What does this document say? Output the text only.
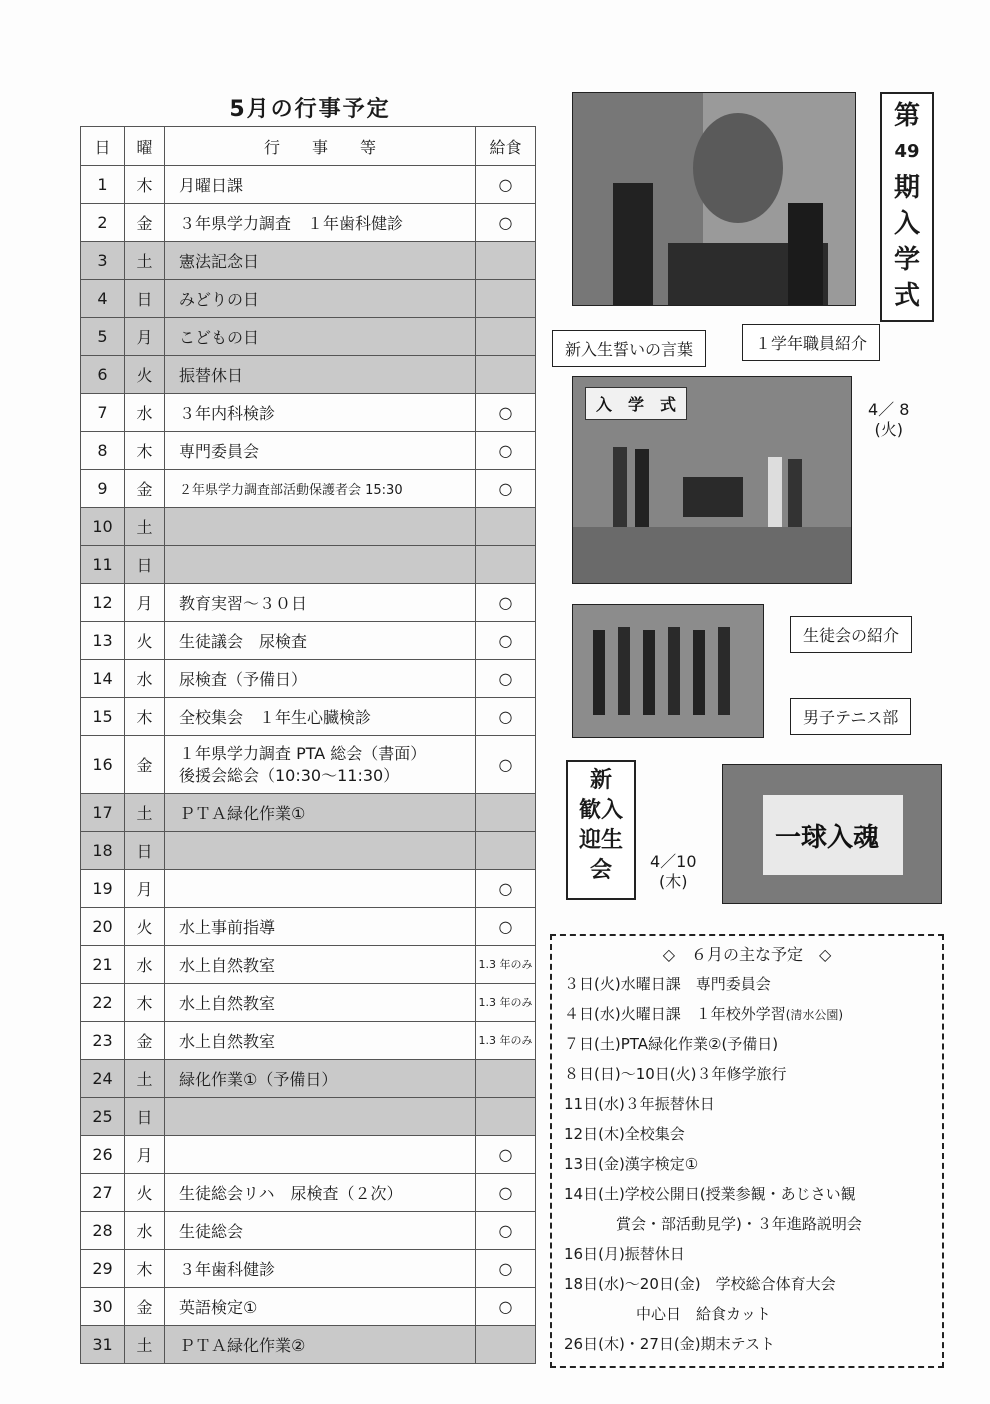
5月の行事予定
日	曜	行　　事　　等	給食
1	木	月曜日課	○
2	金	３年県学力調査　１年歯科健診	○
3	土	憲法記念日	
4	日	みどりの日	
5	月	こどもの日	
6	火	振替休日	
7	水	３年内科検診	○
8	木	専門委員会	○
9	金	２年県学力調査部活動保護者会 15:30	○
10	土		
11	日		
12	月	教育実習～３０日	○
13	火	生徒議会　尿検査	○
14	水	尿検査（予備日）	○
15	木	全校集会　１年生心臓検診	○
16	金	１年県学力調査 PTA 総会（書面）
後援会総会（10:30～11:30）	○
17	土	ＰＴＡ緑化作業①	
18	日		
19	月		○
20	火	水上事前指導	○
21	水	水上自然教室	1.3 年のみ

22	木	水上自然教室	1.3 年のみ

23	金	水上自然教室	1.3 年のみ

24	土	緑化作業①（予備日）	
25	日		
26	月		○
27	火	生徒総会リハ　尿検査（２次）	○
28	水	生徒総会	○
29	木	３年歯科健診	○
30	金	英語検定①	○
31	土	ＰＴＡ緑化作業②	
第
49
期
入
学
式
新入生誓いの言葉	１学年職員紹介
入　学　式	4／ 8
(火)
生徒会の紹介
男子テニス部
新
歓入
迎生
会	4／10
(木)
一球入魂
◇　６月の主な予定　◇
３日(火)水曜日課　専門委員会
４日(水)火曜日課　１年校外学習(清水公園)
７日(土)PTA緑化作業②(予備日)
８日(日)～10日(火)３年修学旅行
11日(水)３年振替休日
12日(木)全校集会
13日(金)漢字検定①
14日(土)学校公開日(授業参観・あじさい観
賞会・部活動見学)・３年進路説明会
16日(月)振替休日
18日(水)～20日(金)　学校総合体育大会
中心日　給食カット
26日(木)・27日(金)期末テスト
